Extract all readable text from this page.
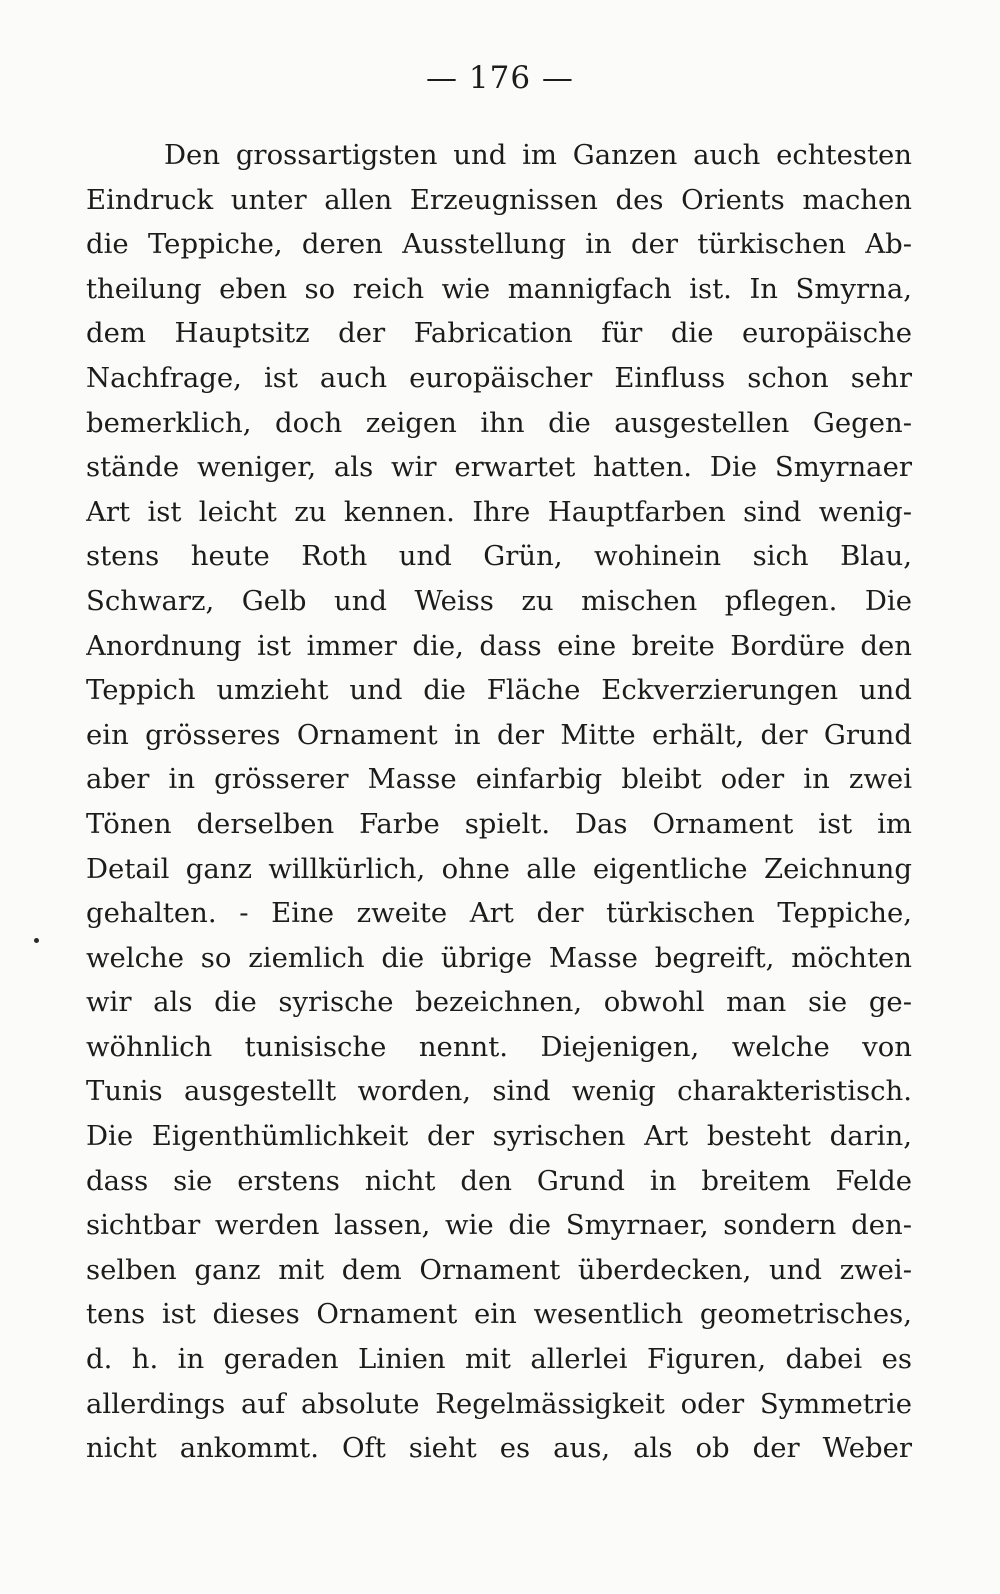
— 176 —
Den grossartigsten und im Ganzen auch echtesten
Eindruck unter allen Erzeugnissen des Orients machen
die Teppiche, deren Ausstellung in der türkischen Ab-
theilung eben so reich wie mannigfach ist. In Smyrna,
dem Hauptsitz der Fabrication für die europäische
Nachfrage, ist auch europäischer Einfluss schon sehr
bemerklich, doch zeigen ihn die ausgestellen Gegen-
stände weniger, als wir erwartet hatten. Die Smyrnaer
Art ist leicht zu kennen. Ihre Hauptfarben sind wenig-
stens heute Roth und Grün, wohinein sich Blau,
Schwarz, Gelb und Weiss zu mischen pflegen. Die
Anordnung ist immer die, dass eine breite Bordüre den
Teppich umzieht und die Fläche Eckverzierungen und
ein grösseres Ornament in der Mitte erhält, der Grund
aber in grösserer Masse einfarbig bleibt oder in zwei
Tönen derselben Farbe spielt. Das Ornament ist im
Detail ganz willkürlich, ohne alle eigentliche Zeichnung
gehalten. - Eine zweite Art der türkischen Teppiche,
welche so ziemlich die übrige Masse begreift, möchten
wir als die syrische bezeichnen, obwohl man sie ge-
wöhnlich tunisische nennt. Diejenigen, welche von
Tunis ausgestellt worden, sind wenig charakteristisch.
Die Eigenthümlichkeit der syrischen Art besteht darin,
dass sie erstens nicht den Grund in breitem Felde
sichtbar werden lassen, wie die Smyrnaer, sondern den-
selben ganz mit dem Ornament überdecken, und zwei-
tens ist dieses Ornament ein wesentlich geometrisches,
d. h. in geraden Linien mit allerlei Figuren, dabei es
allerdings auf absolute Regelmässigkeit oder Symmetrie
nicht ankommt. Oft sieht es aus, als ob der Weber
